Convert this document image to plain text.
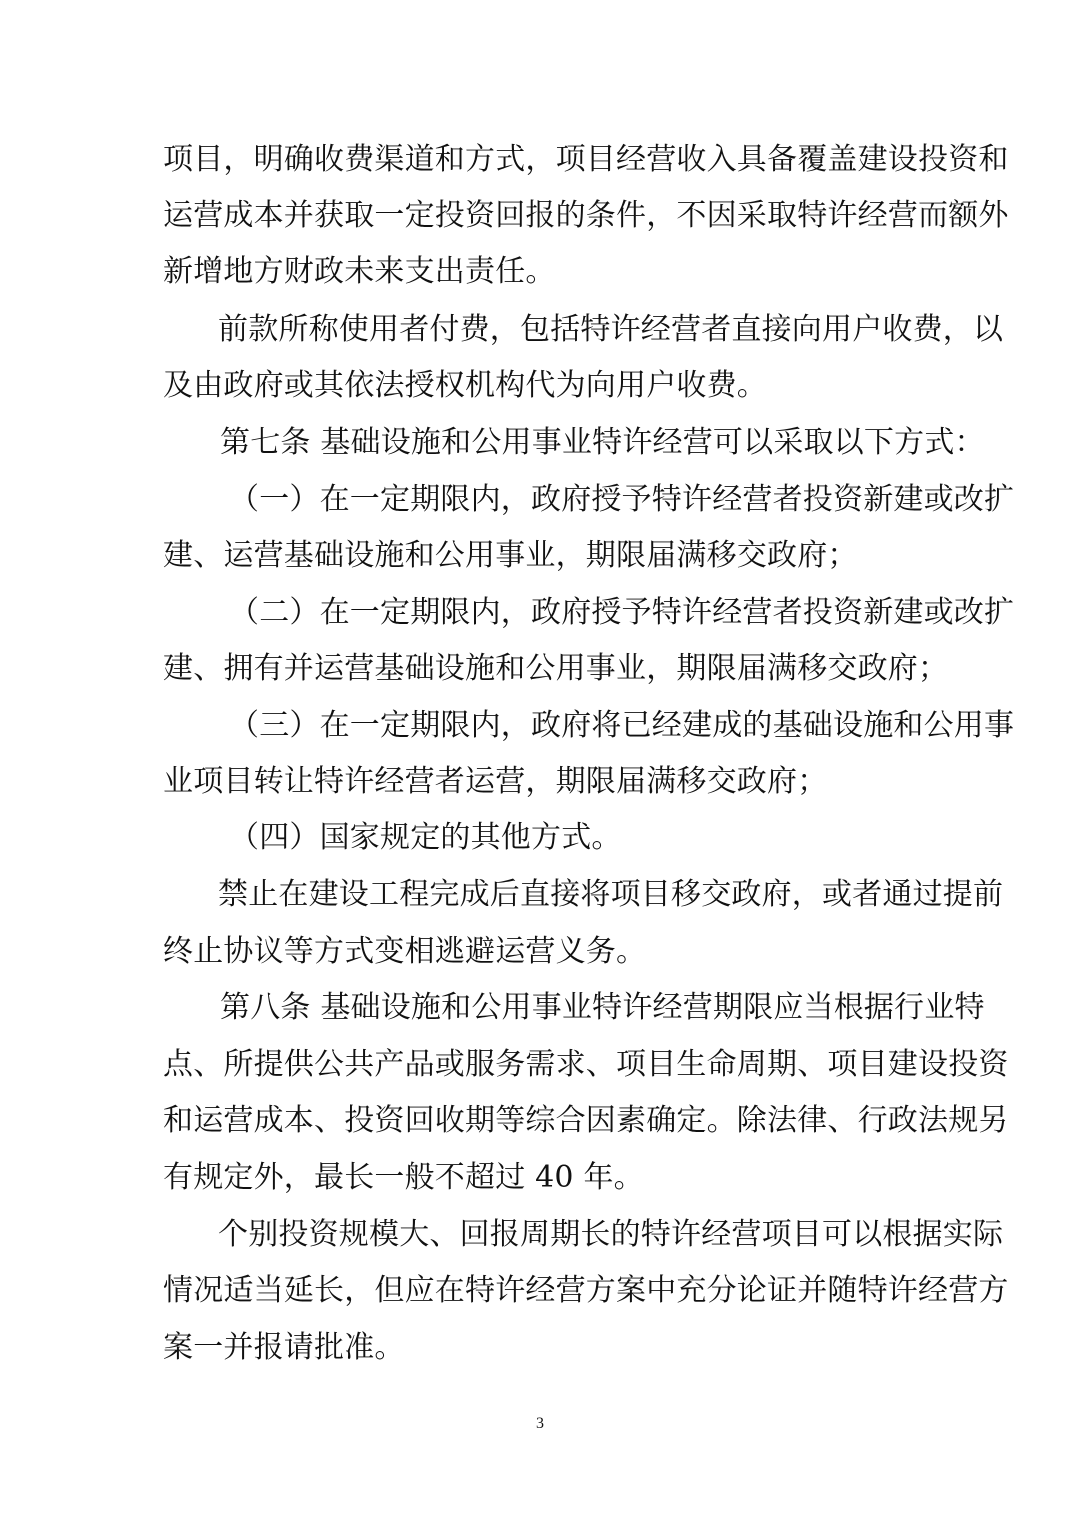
项目，明确收费渠道和方式，项目经营收入具备覆盖建设投资和
运营成本并获取一定投资回报的条件，不因采取特许经营而额外
新增地方财政未来支出责任。
前款所称使用者付费，包括特许经营者直接向用户收费，以
及由政府或其依法授权机构代为向用户收费。
第七条 基础设施和公用事业特许经营可以采取以下方式：
（一）在一定期限内，政府授予特许经营者投资新建或改扩
建、运营基础设施和公用事业，期限届满移交政府；
（二）在一定期限内，政府授予特许经营者投资新建或改扩
建、拥有并运营基础设施和公用事业，期限届满移交政府；
（三）在一定期限内，政府将已经建成的基础设施和公用事
业项目转让特许经营者运营，期限届满移交政府；
（四）国家规定的其他方式。
禁止在建设工程完成后直接将项目移交政府，或者通过提前
终止协议等方式变相逃避运营义务。
第八条 基础设施和公用事业特许经营期限应当根据行业特
点、所提供公共产品或服务需求、项目生命周期、项目建设投资
和运营成本、投资回收期等综合因素确定。除法律、行政法规另
有规定外，最长一般不超过 40 年。
个别投资规模大、回报周期长的特许经营项目可以根据实际
情况适当延长，但应在特许经营方案中充分论证并随特许经营方
案一并报请批准。
3
